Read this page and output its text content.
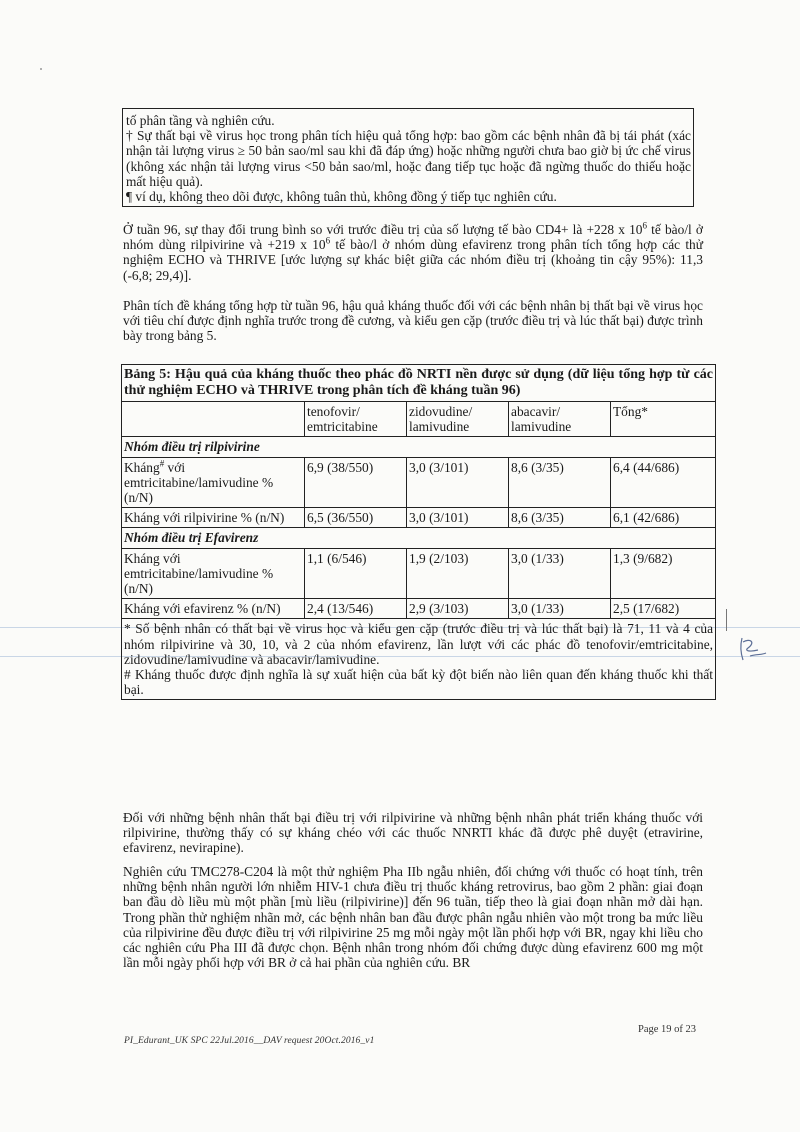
tố phân tầng và nghiên cứu.

† Sự thất bại về virus học trong phân tích hiệu quả tổng hợp: bao gồm các bệnh nhân đã bị tái phát (xác nhận tải lượng virus ≥ 50 bản sao/ml sau khi đã đáp ứng) hoặc những người chưa bao giờ bị ức chế virus (không xác nhận tải lượng virus <50 bản sao/ml, hoặc đang tiếp tục hoặc đã ngừng thuốc do thiếu hoặc mất hiệu quả).

¶ ví dụ, không theo dõi được, không tuân thủ, không đồng ý tiếp tục nghiên cứu.

Ở tuần 96, sự thay đổi trung bình so với trước điều trị của số lượng tế bào CD4+ là +228 x $10^6$ tế bào/l ở nhóm dùng rilpivirine và +219 x $10^6$ tế bào/l ở nhóm dùng efavirenz trong phân tích tổng hợp các thử nghiệm ECHO và THRIVE [ước lượng sự khác biệt giữa các nhóm điều trị (khoảng tin cậy 95%): 11,3 (-6,8; 29,4)].

Phân tích đề kháng tổng hợp từ tuần 96, hậu quả kháng thuốc đối với các bệnh nhân bị thất bại về virus học với tiêu chí được định nghĩa trước trong đề cương, và kiểu gen cặp (trước điều trị và lúc thất bại) được trình bày trong bảng 5.

Bảng 5: Hậu quả của kháng thuốc theo phác đồ NRTI nền được sử dụng (dữ liệu tổng hợp từ các thử nghiệm ECHO và THRIVE trong phân tích đề kháng tuần 96)				
	tenofovir/ emtricitabine	zidovudine/ lamivudine	abacavir/ lamivudine	Tổng*
Nhóm điều trị rilpivirine				
Kháng# với emtricitabine/lamivudine % (n/N)	6,9 (38/550)	3,0 (3/101)	8,6 (3/35)	6,4 (44/686)
Kháng với rilpivirine % (n/N)	6,5 (36/550)	3,0 (3/101)	8,6 (3/35)	6,1 (42/686)
Nhóm điều trị Efavirenz				
Kháng với emtricitabine/lamivudine % (n/N)	1,1 (6/546)	1,9 (2/103)	3,0 (1/33)	1,3 (9/682)
Kháng với efavirenz % (n/N)	2,4 (13/546)	2,9 (3/103)	3,0 (1/33)	2,5 (17/682)

* Số bệnh nhân có thất bại về virus học và kiểu gen cặp (trước điều trị và lúc thất bại) là 71, 11 và 4 của nhóm rilpivirine và 30, 10, và 2 của nhóm efavirenz, lần lượt với các phác đồ tenofovir/emtricitabine, zidovudine/lamivudine và abacavir/lamivudine.
# Kháng thuốc được định nghĩa là sự xuất hiện của bất kỳ đột biến nào liên quan đến kháng thuốc khi thất bại.				

Đối với những bệnh nhân thất bại điều trị với rilpivirine và những bệnh nhân phát triển kháng thuốc với rilpivirine, thường thấy có sự kháng chéo với các thuốc NNRTI khác đã được phê duyệt (etravirine, efavirenz, nevirapine).

Nghiên cứu TMC278-C204 là một thử nghiệm Pha IIb ngẫu nhiên, đối chứng với thuốc có hoạt tính, trên những bệnh nhân người lớn nhiễm HIV-1 chưa điều trị thuốc kháng retrovirus, bao gồm 2 phần: giai đoạn ban đầu dò liều mù một phần [mù liều (rilpivirine)] đến 96 tuần, tiếp theo là giai đoạn nhãn mở dài hạn. Trong phần thử nghiệm nhãn mở, các bệnh nhân ban đầu được phân ngẫu nhiên vào một trong ba mức liều của rilpivirine đều được điều trị với rilpivirine 25 mg mỗi ngày một lần phối hợp với BR, ngay khi liều cho các nghiên cứu Pha III đã được chọn. Bệnh nhân trong nhóm đối chứng được dùng efavirenz 600 mg một lần mỗi ngày phối hợp với BR ở cả hai phần của nghiên cứu. BR

Page 19 of 23
PI_Edurant_UK SPC 22Jul.2016__DAV request 20Oct.2016_v1
